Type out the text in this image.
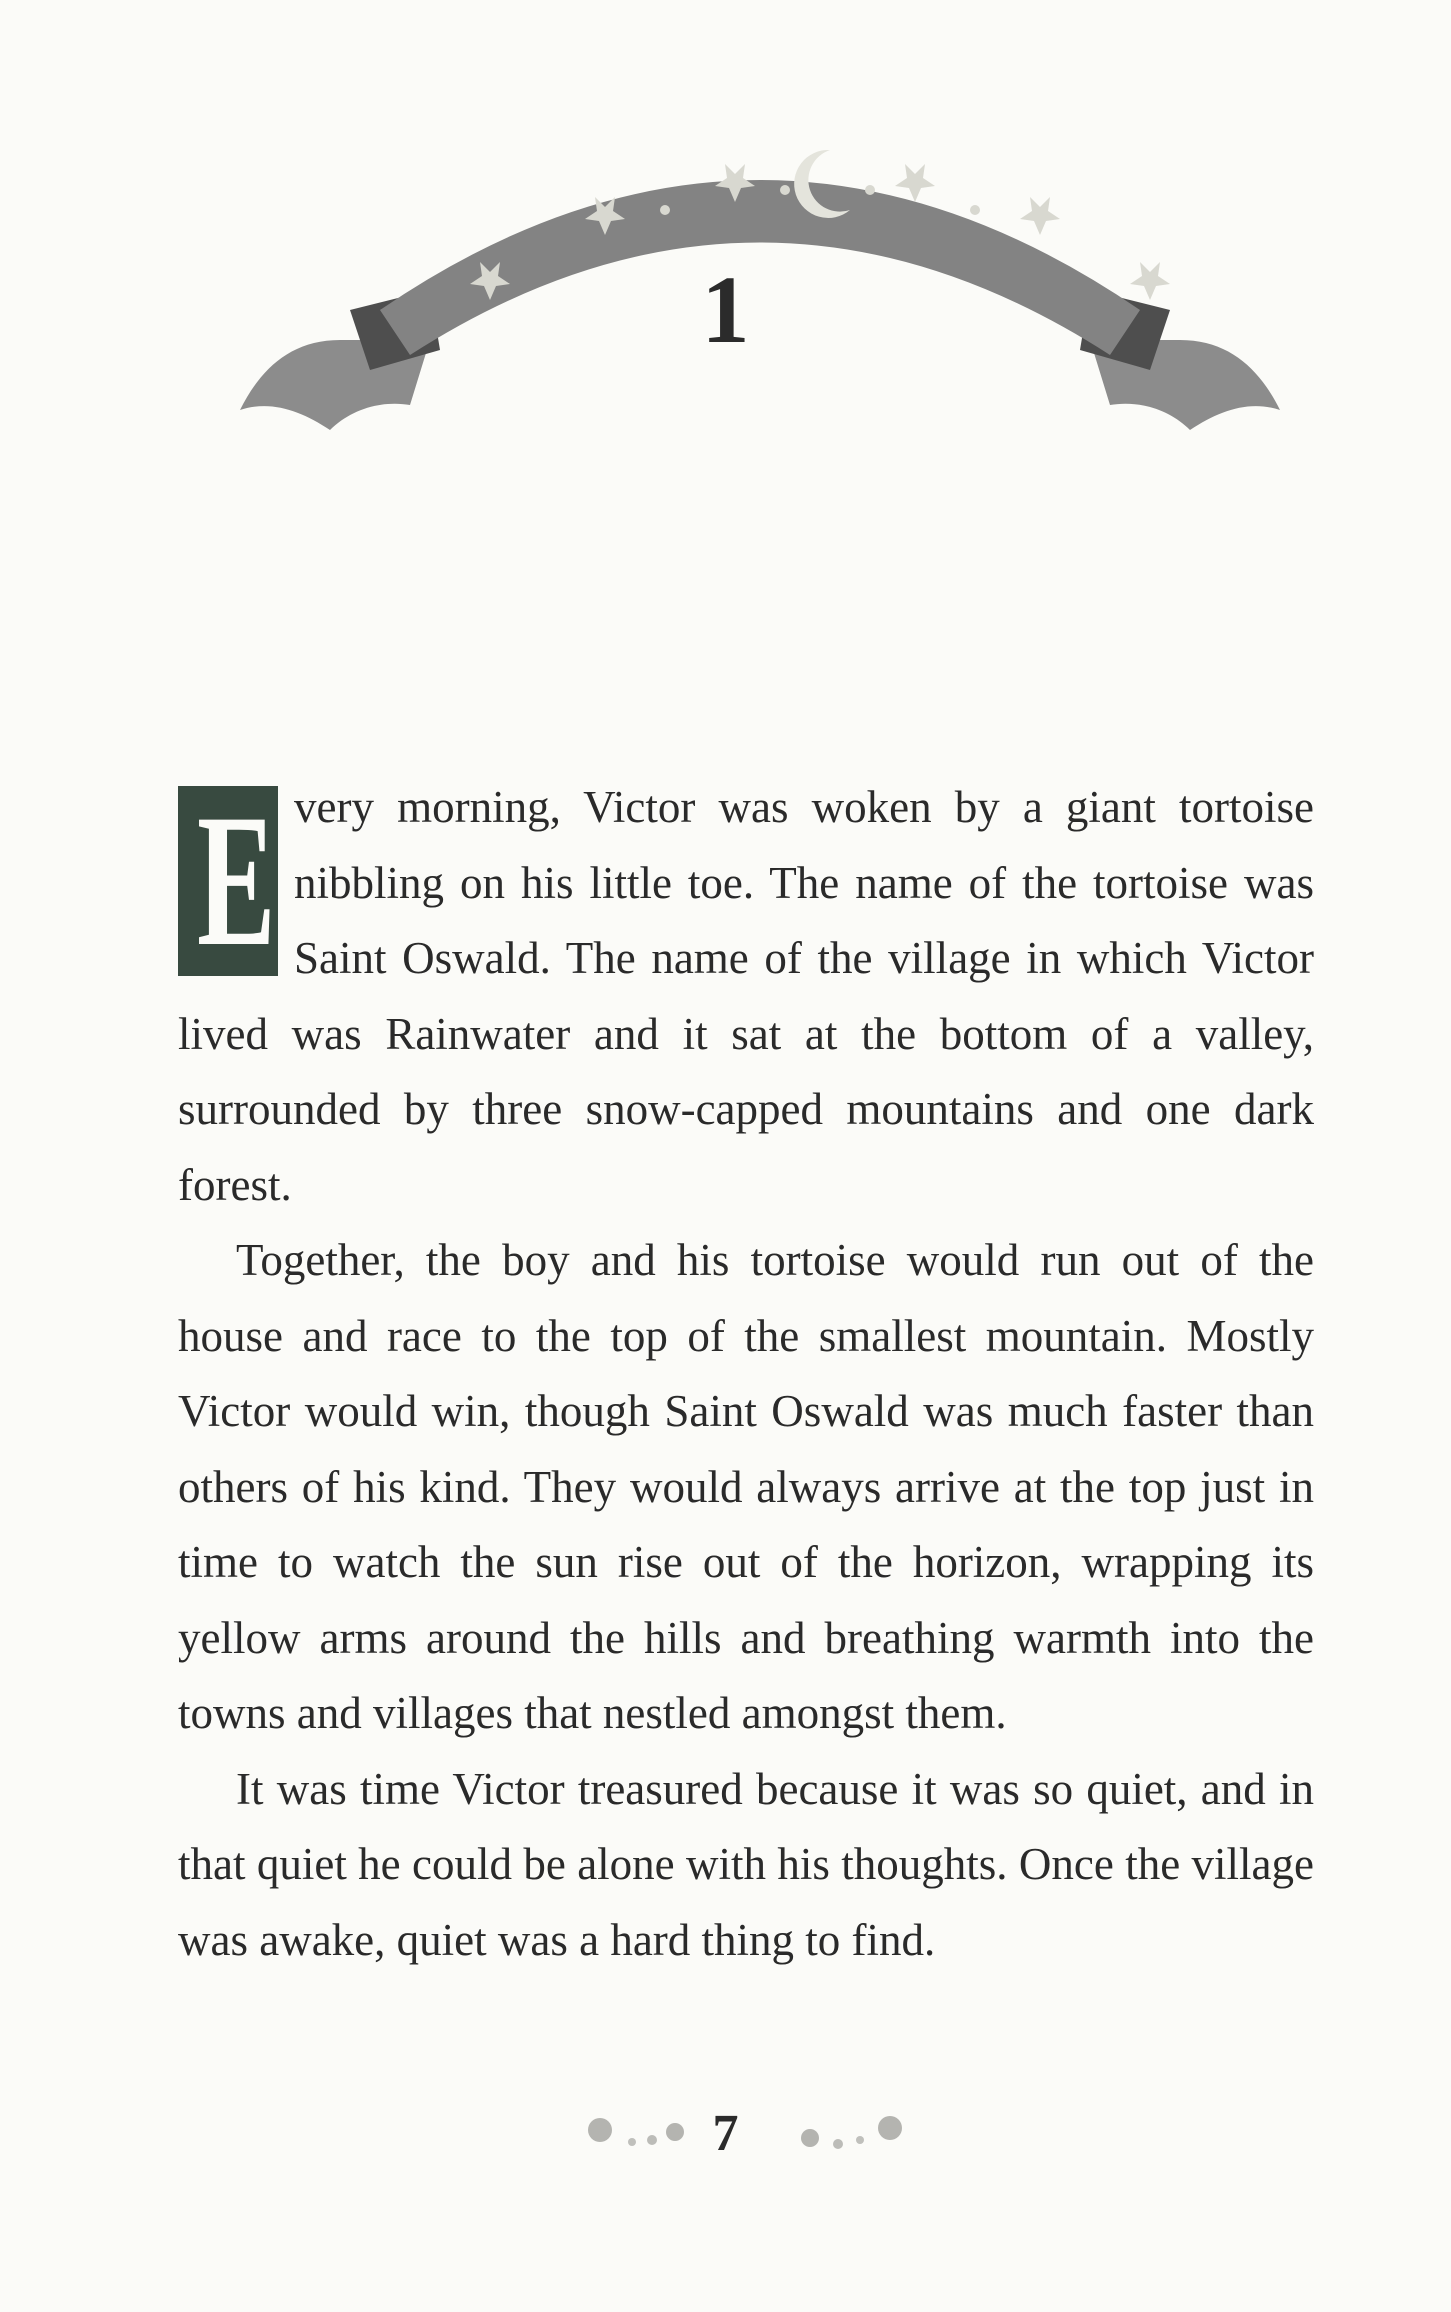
1

E very morning, Victor was woken by a giant tortoise nibbling on his little toe. The name of the tortoise was Saint Oswald. The name of the village in which Victor lived was Rainwater and it sat at the bottom of a valley, surrounded by three snow-capped mountains and one dark forest.

Together, the boy and his tortoise would run out of the house and race to the top of the smallest mountain. Mostly Victor would win, though Saint Oswald was much faster than others of his kind. They would always arrive at the top just in time to watch the sun rise out of the horizon, wrapping its yellow arms around the hills and breathing warmth into the towns and villages that nestled amongst them.

It was time Victor treasured because it was so quiet, and in that quiet he could be alone with his thoughts. Once the village was awake, quiet was a hard thing to find.

7
